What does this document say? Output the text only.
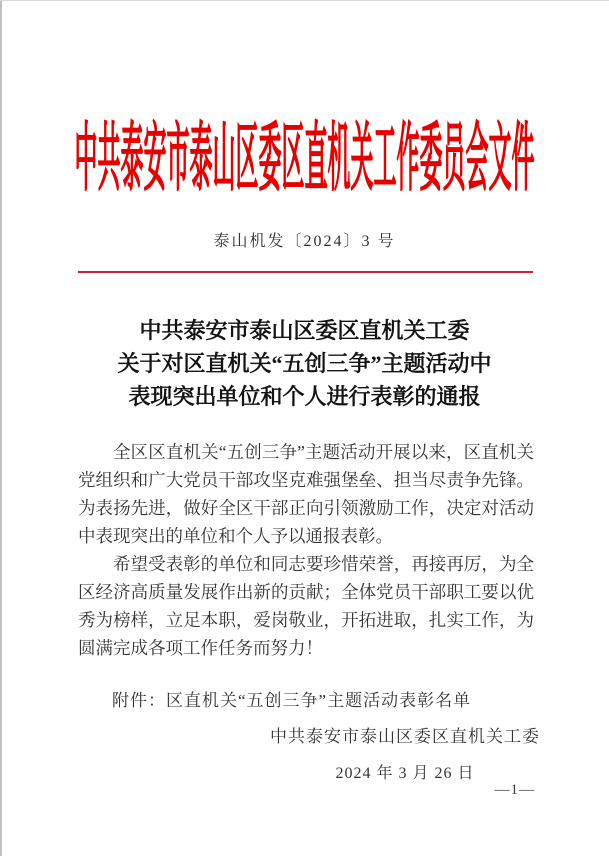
中共泰安市泰山区委区直机关工作委员会文件
泰山机发〔2024〕3 号
中共泰安市泰山区委区直机关工委
关于对区直机关“五创三争”主题活动中
表现突出单位和个人进行表彰的通报

全区区直机关“五创三争”主题活动开展以来，区直机关党组织和广大党员干部攻坚克难强堡垒、担当尽责争先锋。为表扬先进，做好全区干部正向引领激励工作，决定对活动中表现突出的单位和个人予以通报表彰。

希望受表彰的单位和同志要珍惜荣誉，再接再厉，为全区经济高质量发展作出新的贡献；全体党员干部职工要以优秀为榜样，立足本职，爱岗敬业，开拓进取，扎实工作，为圆满完成各项工作任务而努力！

附件：区直机关“五创三争”主题活动表彰名单
中共泰安市泰山区委区直机关工委
2024 年 3 月 26 日
—1—
